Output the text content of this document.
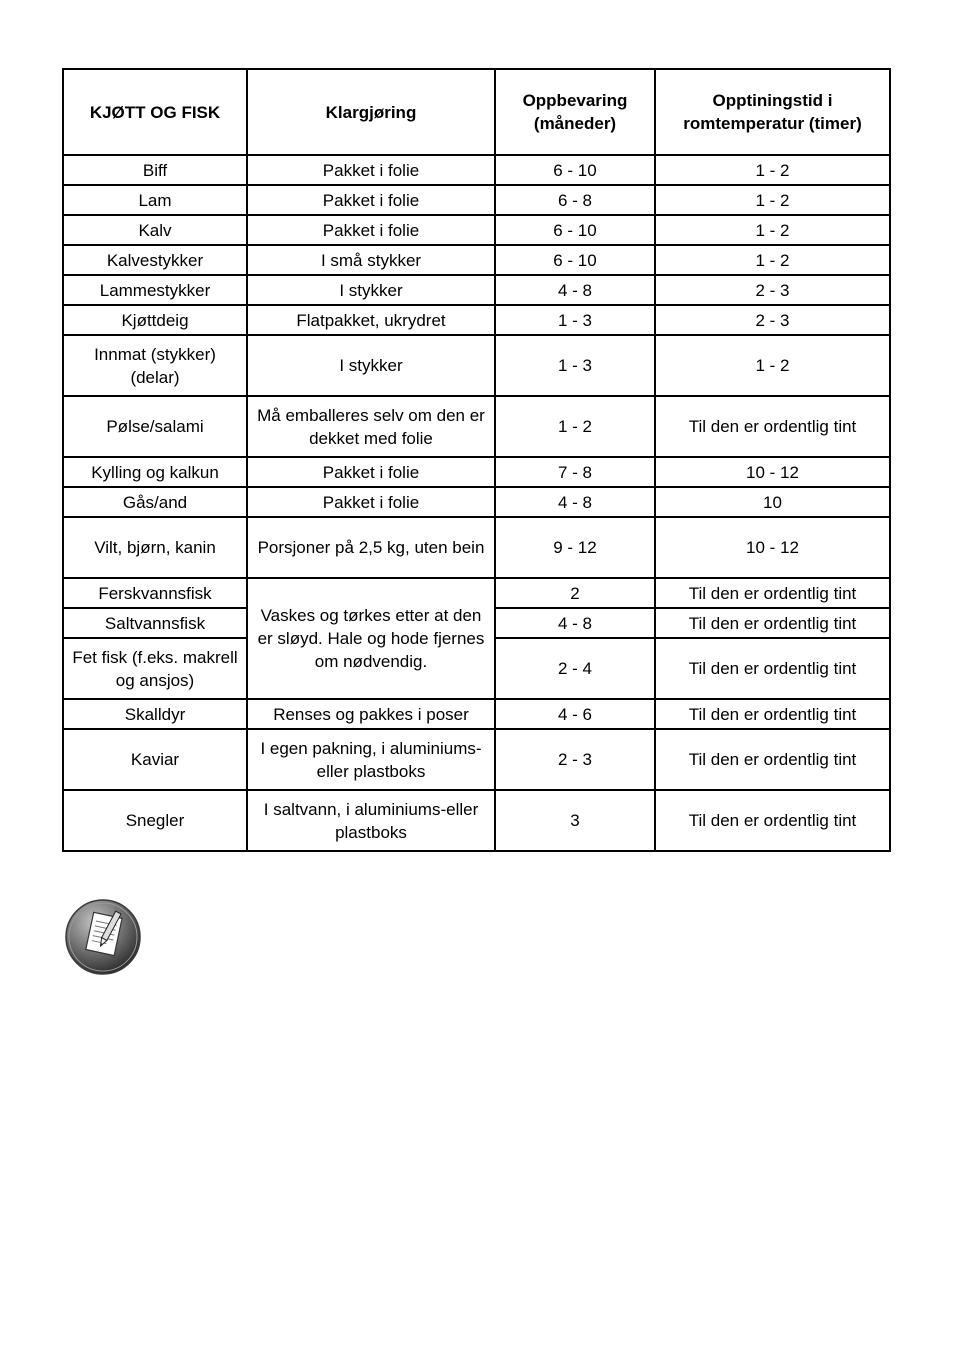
KJØTT OG FISK	Klargjøring	Oppbevaring (måneder)	Opptiningstid i romtemperatur (timer)
Biff	Pakket i folie	6 - 10	1 - 2
Lam	Pakket i folie	6 - 8	1 - 2
Kalv	Pakket i folie	6 - 10	1 - 2
Kalvestykker	I små stykker	6 - 10	1 - 2
Lammestykker	I stykker	4 - 8	2 - 3
Kjøttdeig	Flatpakket, ukrydret	1 - 3	2 - 3
Innmat (stykker) (delar)	I stykker	1 - 3	1 - 2
Pølse/salami	Må emballeres selv om den er dekket med folie	1 - 2	Til den er ordentlig tint
Kylling og kalkun	Pakket i folie	7 - 8	10 - 12
Gås/and	Pakket i folie	4 - 8	10
Vilt, bjørn, kanin	Porsjoner på 2,5 kg, uten bein	9 - 12	10 - 12
Ferskvannsfisk	Vaskes og tørkes etter at den er sløyd. Hale og hode fjernes om nødvendig.	2	Til den er ordentlig tint
Saltvannsfisk		4 - 8	Til den er ordentlig tint
Fet fisk (f.eks. makrell og ansjos)		2 - 4	Til den er ordentlig tint
Skalldyr	Renses og pakkes i poser	4 - 6	Til den er ordentlig tint
Kaviar	I egen pakning, i aluminiums- eller plastboks	2 - 3	Til den er ordentlig tint
Snegler	I saltvann, i aluminiums-eller plastboks	3	Til den er ordentlig tint
